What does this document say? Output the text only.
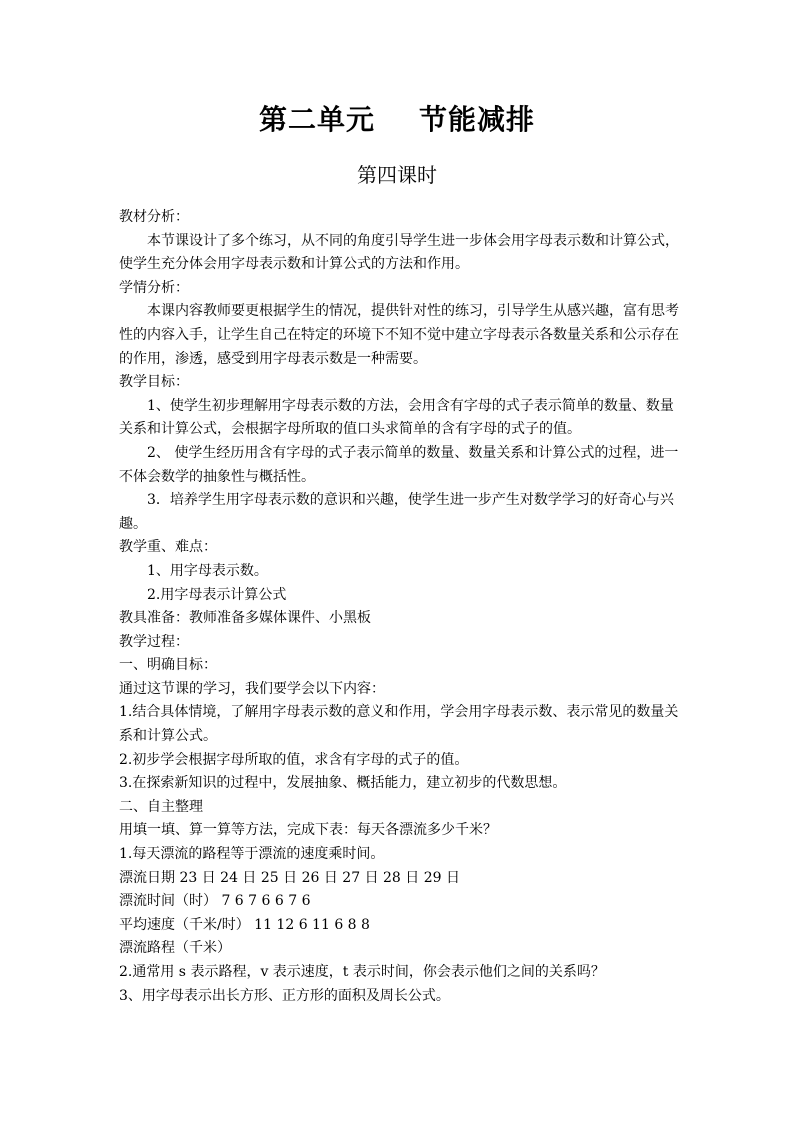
第二单元 节能减排
第四课时

教材分析：

本节课设计了多个练习，从不同的角度引导学生进一步体会用字母表示数和计算公式，

使学生充分体会用字母表示数和计算公式的方法和作用。

学情分析：

本课内容教师要更根据学生的情况，提供针对性的练习，引导学生从感兴趣，富有思考

性的内容入手，让学生自己在特定的环境下不知不觉中建立字母表示各数量关系和公示存在

的作用，渗透，感受到用字母表示数是一种需要。

教学目标：

1、使学生初步理解用字母表示数的方法，会用含有字母的式子表示简单的数量、数量

关系和计算公式，会根据字母所取的值口头求简单的含有字母的式子的值。

2、 使学生经历用含有字母的式子表示简单的数量、数量关系和计算公式的过程，进一

不体会数学的抽象性与概括性。

3．培养学生用字母表示数的意识和兴趣，使学生进一步产生对数学学习的好奇心与兴

趣。

教学重、难点：

1、用字母表示数。

2.用字母表示计算公式

教具准备：教师准备多媒体课件、小黑板

教学过程：

一、明确目标：

通过这节课的学习，我们要学会以下内容：

1.结合具体情境，了解用字母表示数的意义和作用，学会用字母表示数、表示常见的数量关

系和计算公式。

2.初步学会根据字母所取的值，求含有字母的式子的值。

3.在探索新知识的过程中，发展抽象、概括能力，建立初步的代数思想。

二、自主整理

用填一填、算一算等方法，完成下表：每天各漂流多少千米？

1.每天漂流的路程等于漂流的速度乘时间。

漂流日期 23 日 24 日 25 日 26 日 27 日 28 日 29 日

漂流时间（时） 7 6 7 6 6 7 6

平均速度（千米/时） 11 12 6 11 6 8 8

漂流路程（千米）

2.通常用 s 表示路程，v 表示速度，t 表示时间，你会表示他们之间的关系吗？

3、用字母表示出长方形、正方形的面积及周长公式。
